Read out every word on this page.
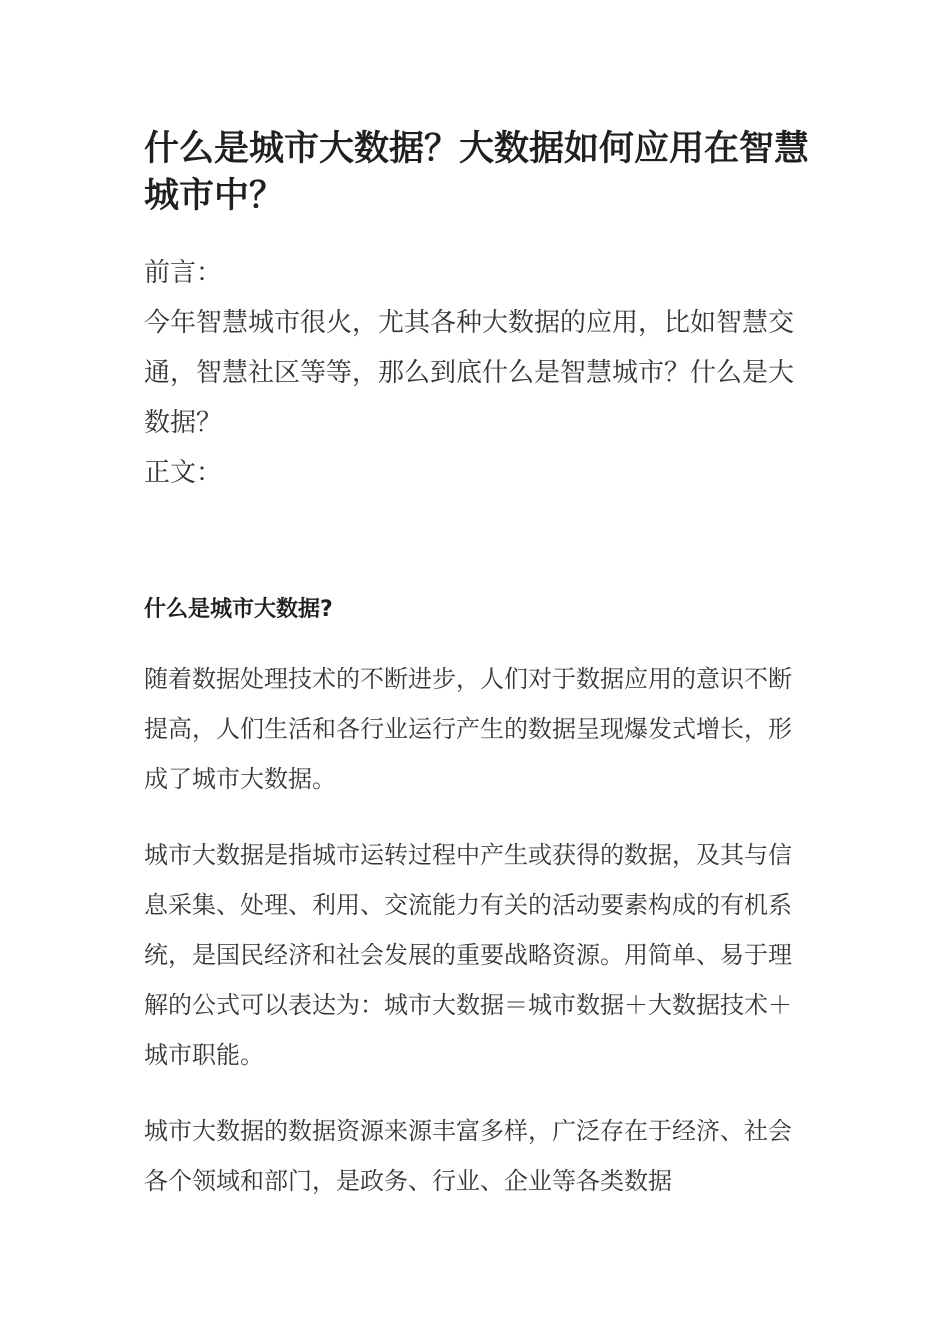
什么是城市大数据？大数据如何应用在智慧城市中？

前言：

今年智慧城市很火，尤其各种大数据的应用，比如智慧交通，智慧社区等等，那么到底什么是智慧城市？什么是大数据？

正文：

什么是城市大数据?

随着数据处理技术的不断进步，人们对于数据应用的意识不断提高，人们生活和各行业运行产生的数据呈现爆发式增长，形成了城市大数据。

城市大数据是指城市运转过程中产生或获得的数据，及其与信息采集、处理、利用、交流能力有关的活动要素构成的有机系统，是国民经济和社会发展的重要战略资源。用简单、易于理解的公式可以表达为：城市大数据＝城市数据＋大数据技术＋城市职能。

城市大数据的数据资源来源丰富多样，广泛存在于经济、社会各个领域和部门，是政务、行业、企业等各类数据
